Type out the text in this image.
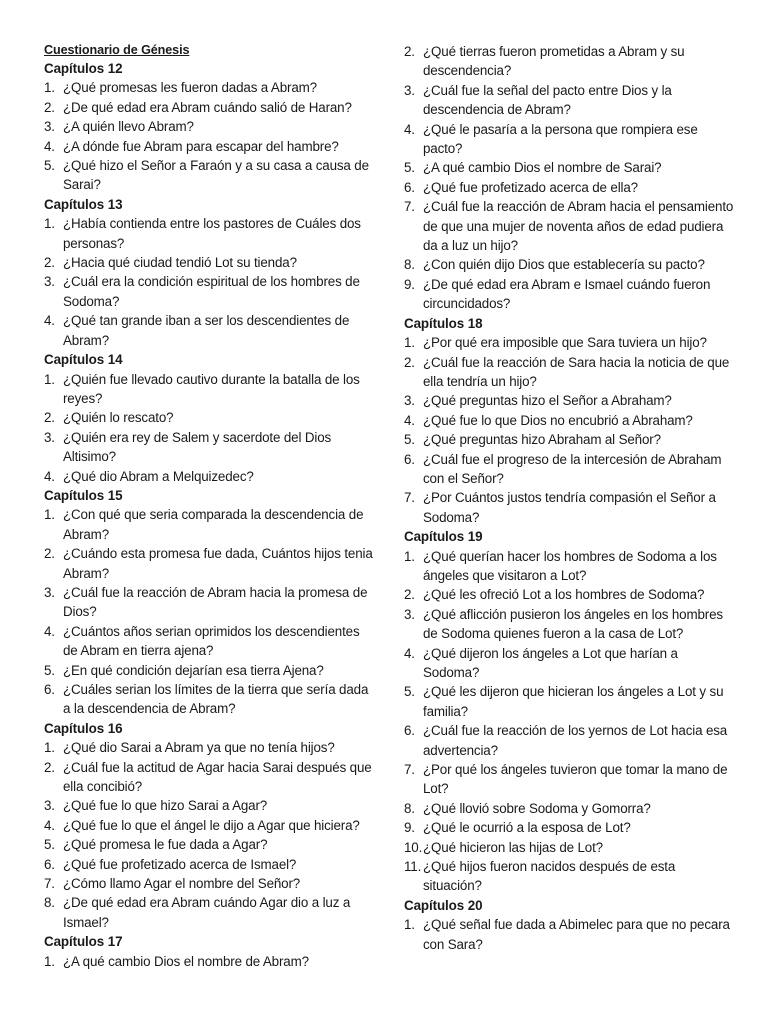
Cuestionario de Génesis
Capítulos 12

1. ¿Qué promesas les fueron dadas a Abram?

2. ¿De qué edad era Abram cuándo salió de Haran?

3. ¿A quién llevo Abram?

4. ¿A dónde fue Abram para escapar del hambre?

5. ¿Qué hizo el Señor a Faraón y a su casa a causa de Sarai?

Capítulos 13

1. ¿Había contienda entre los pastores de Cuáles dos personas?

2. ¿Hacia qué ciudad tendió Lot su tienda?

3. ¿Cuál era la condición espiritual de los hombres de Sodoma?

4. ¿Qué tan grande iban a ser los descendientes de Abram?

Capítulos 14

1. ¿Quién fue llevado cautivo durante la batalla de los reyes?

2. ¿Quién lo rescato?

3. ¿Quién era rey de Salem y sacerdote del Dios Altisimo?

4. ¿Qué dio Abram a Melquizedec?

Capítulos 15

1. ¿Con qué que seria comparada la descendencia de Abram?

2. ¿Cuándo esta promesa fue dada, Cuántos hijos tenia Abram?

3. ¿Cuál fue la reacción de Abram hacia la promesa de Dios?

4. ¿Cuántos años serian oprimidos los descendientes de Abram en tierra ajena?

5. ¿En qué condición dejarían esa tierra Ajena?

6. ¿Cuáles serian los límites de la tierra que sería dada a la descendencia de Abram?

Capítulos 16

1. ¿Qué dio Sarai a Abram ya que no tenía hijos?

2. ¿Cuál fue la actitud de Agar hacia Sarai después que ella concibió?

3. ¿Qué fue lo que hizo Sarai a Agar?

4. ¿Qué fue lo que el ángel le dijo a Agar que hiciera?

5. ¿Qué promesa le fue dada a Agar?

6. ¿Qué fue profetizado acerca de Ismael?

7. ¿Cómo llamo Agar el nombre del Señor?

8. ¿De qué edad era Abram cuándo Agar dio a luz a Ismael?

Capítulos 17

1. ¿A qué cambio Dios el nombre de Abram?

2. ¿Qué tierras fueron prometidas a Abram y su descendencia?

3. ¿Cuál fue la señal del pacto entre Dios y la descendencia de Abram?

4. ¿Qué le pasaría a la persona que rompiera ese pacto?

5. ¿A qué cambio Dios el nombre de Sarai?

6. ¿Qué fue profetizado acerca de ella?

7. ¿Cuál fue la reacción de Abram hacia el pensamiento de que una mujer de noventa años de edad pudiera da a luz un hijo?

8. ¿Con quién dijo Dios que establecería su pacto?

9. ¿De qué edad era Abram e Ismael cuándo fueron circuncidados?

Capítulos 18

1. ¿Por qué era imposible que Sara tuviera un hijo?

2. ¿Cuál fue la reacción de Sara hacia la noticia de que ella tendría un hijo?

3. ¿Qué preguntas hizo el Señor a Abraham?

4. ¿Qué fue lo que Dios no encubrió a Abraham?

5. ¿Qué preguntas hizo Abraham al Señor?

6. ¿Cuál fue el progreso de la intercesión de Abraham con el Señor?

7. ¿Por Cuántos justos tendría compasión el Señor a Sodoma?

Capítulos 19

1. ¿Qué querían hacer los hombres de Sodoma a los ángeles que visitaron a Lot?

2. ¿Qué les ofreció Lot a los hombres de Sodoma?

3. ¿Qué aflicción pusieron los ángeles en los hombres de Sodoma quienes fueron a la casa de Lot?

4. ¿Qué dijeron los ángeles a Lot que harían a Sodoma?

5. ¿Qué les dijeron que hicieran los ángeles a Lot y su familia?

6. ¿Cuál fue la reacción de los yernos de Lot hacia esa advertencia?

7. ¿Por qué los ángeles tuvieron que tomar la mano de Lot?

8. ¿Qué llovió sobre Sodoma y Gomorra?

9. ¿Qué le ocurrió a la esposa de Lot?

10.¿Qué hicieron las hijas de Lot?

11. ¿Qué hijos fueron nacidos después de esta situación?

Capítulos 20

1. ¿Qué señal fue dada a Abimelec para que no pecara con Sara?
